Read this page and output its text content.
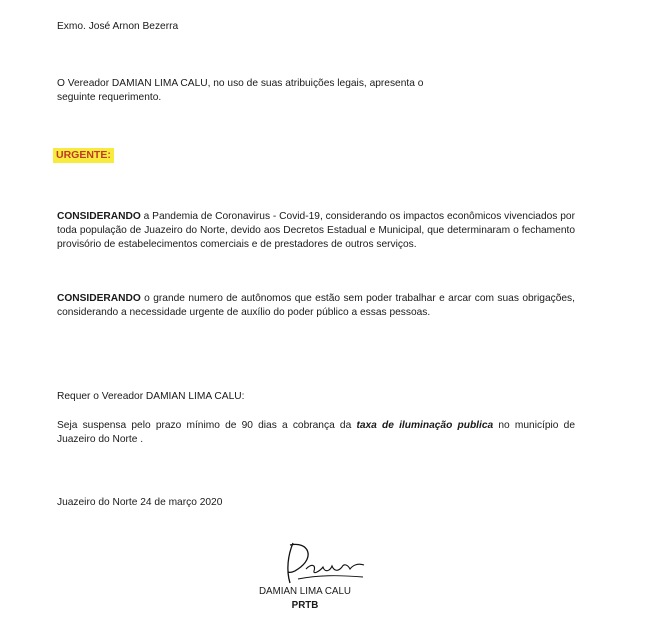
Exmo. José Arnon Bezerra
O Vereador DAMIAN LIMA CALU, no uso de suas atribuições legais, apresenta o
seguinte requerimento.
URGENTE:
CONSIDERANDO a Pandemia de Coronavirus - Covid-19, considerando os impactos econômicos vivenciados por toda população de Juazeiro do Norte, devido aos Decretos Estadual e Municipal, que determinaram o fechamento provisório de estabelecimentos comerciais e de prestadores de outros serviços.
CONSIDERANDO o grande numero de autônomos que estão sem poder trabalhar e arcar com suas obrigações, considerando a necessidade urgente de auxílio do poder público a essas pessoas.
Requer o Vereador DAMIAN LIMA CALU:
Seja suspensa pelo prazo mínimo de 90 dias a cobrança da taxa de iluminação publica no município de Juazeiro do Norte .
Juazeiro do Norte 24 de março 2020
DAMIAN LIMA CALU
PRTB
